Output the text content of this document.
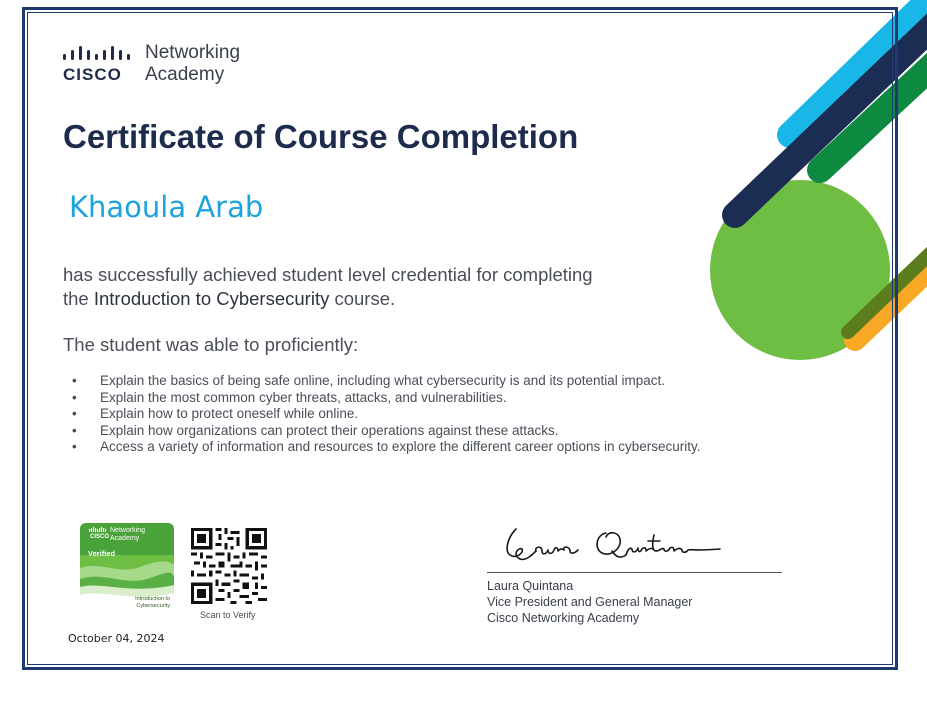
CISCO
Networking
Academy
Certificate of Course Completion
Khaoula Arab
has successfully achieved student level credential for completing
the Introduction to Cybersecurity course.
The student was able to proficiently:
• Explain the basics of being safe online, including what cybersecurity is and its potential impact.
• Explain the most common cyber threats, attacks, and vulnerabilities.
• Explain how to protect oneself while online.
• Explain how organizations can protect their operations against these attacks.
• Access a variety of information and resources to explore the different career options in cybersecurity.
CISCO
Networking
Academy
Verified
Introduction to Cybersecurity
Scan to Verify
October 04, 2024
Laura Quintana
Vice President and General Manager
Cisco Networking Academy
